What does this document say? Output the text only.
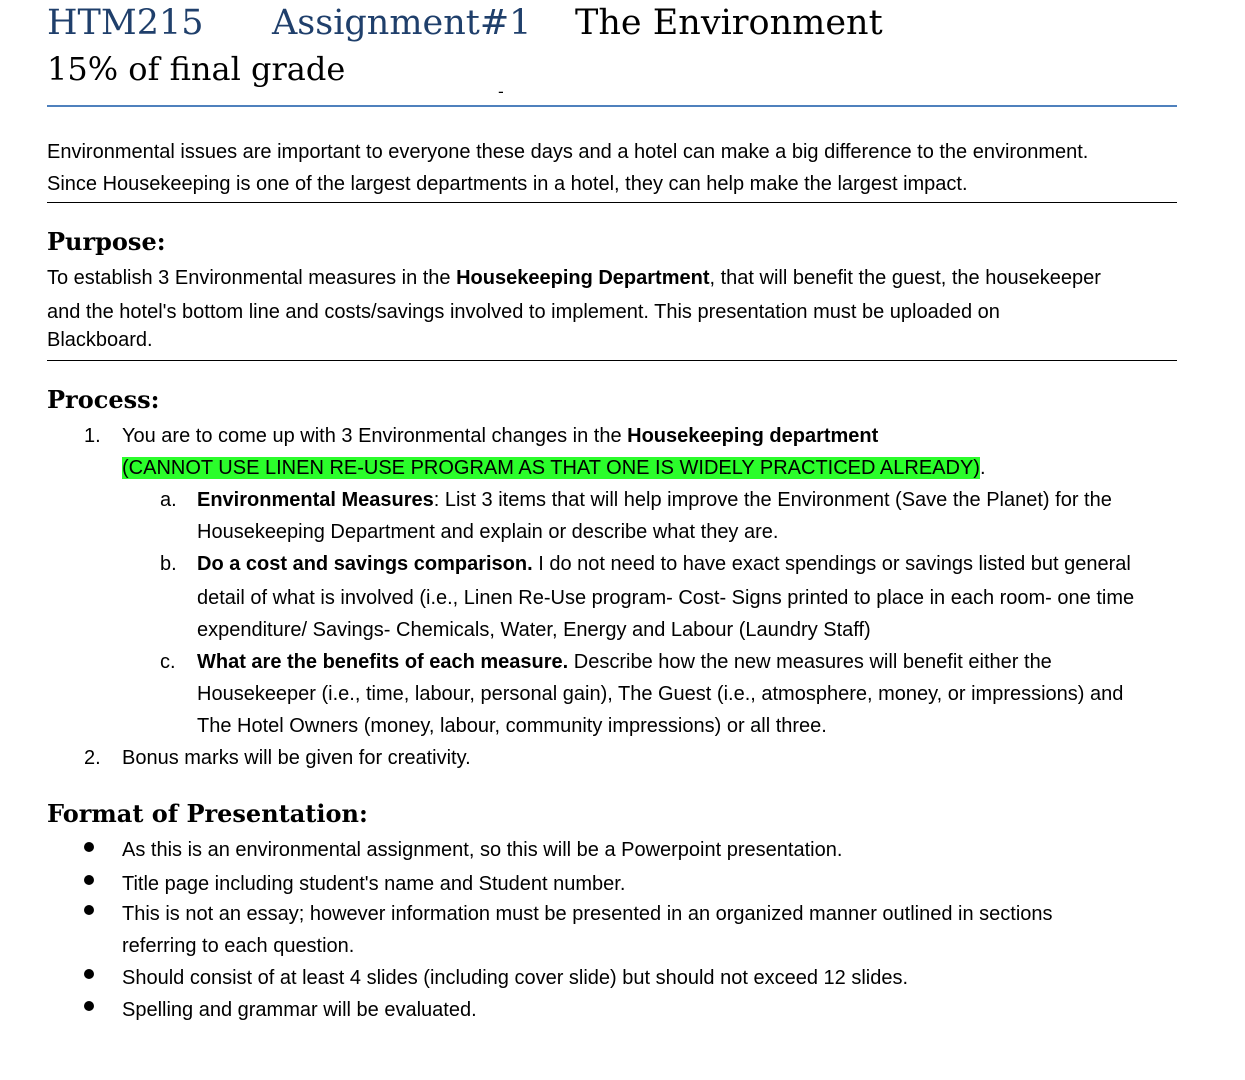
HTM215 Assignment#1 The Environment
15% of final grade
-
Environmental issues are important to everyone these days and a hotel can make a big difference to the environment.
Since Housekeeping is one of the largest departments in a hotel, they can help make the largest impact.
Purpose:
To establish 3 Environmental measures in the Housekeeping Department, that will benefit the guest, the housekeeper
and the hotel's bottom line and costs/savings involved to implement. This presentation must be uploaded on
Blackboard.
Process:
1. You are to come up with 3 Environmental changes in the Housekeeping department
(CANNOT USE LINEN RE-USE PROGRAM AS THAT ONE IS WIDELY PRACTICED ALREADY).
a. Environmental Measures: List 3 items that will help improve the Environment (Save the Planet) for the
Housekeeping Department and explain or describe what they are.
b. Do a cost and savings comparison. I do not need to have exact spendings or savings listed but general
detail of what is involved (i.e., Linen Re-Use program- Cost- Signs printed to place in each room- one time
expenditure/ Savings- Chemicals, Water, Energy and Labour (Laundry Staff)
c. What are the benefits of each measure. Describe how the new measures will benefit either the
Housekeeper (i.e., time, labour, personal gain), The Guest (i.e., atmosphere, money, or impressions) and
The Hotel Owners (money, labour, community impressions) or all three.
2. Bonus marks will be given for creativity.
Format of Presentation:
As this is an environmental assignment, so this will be a Powerpoint presentation.
Title page including student's name and Student number.
This is not an essay; however information must be presented in an organized manner outlined in sections
referring to each question.
Should consist of at least 4 slides (including cover slide) but should not exceed 12 slides.
Spelling and grammar will be evaluated.
